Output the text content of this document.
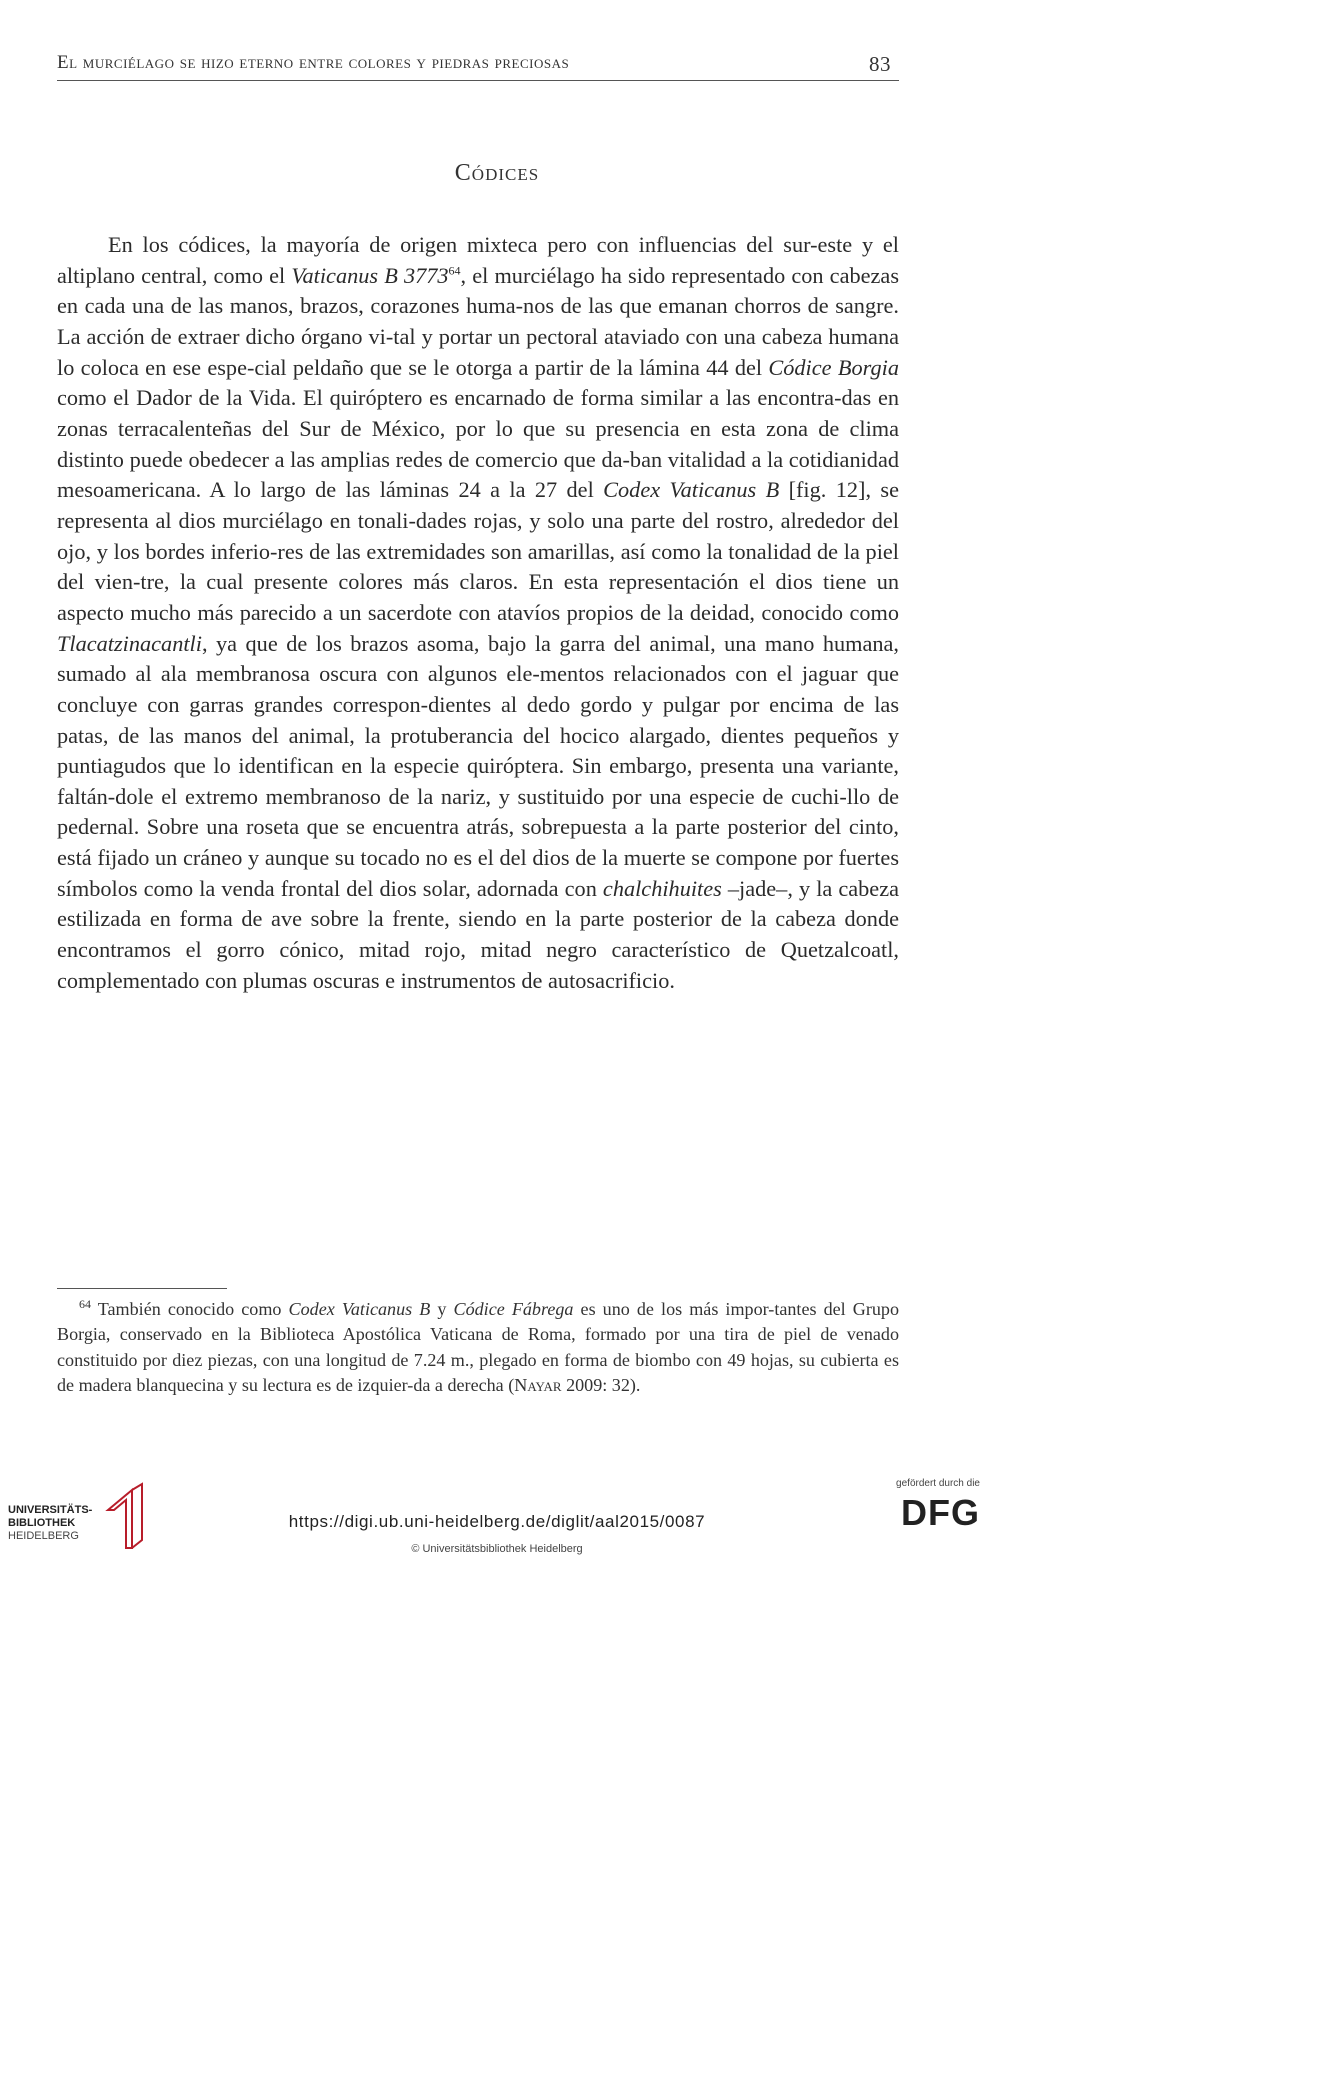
El murciélago se hizo eterno entre colores y piedras preciosas	83
Códices

En los códices, la mayoría de origen mixteca pero con influencias del sur-este y el altiplano central, como el Vaticanus B 3773$^{64}$, el murciélago ha sido representado con cabezas en cada una de las manos, brazos, corazones huma-nos de las que emanan chorros de sangre. La acción de extraer dicho órgano vi-tal y portar un pectoral ataviado con una cabeza humana lo coloca en ese espe-cial peldaño que se le otorga a partir de la lámina 44 del Códice Borgia como el Dador de la Vida. El quiróptero es encarnado de forma similar a las encontra-das en zonas terracalenteñas del Sur de México, por lo que su presencia en esta zona de clima distinto puede obedecer a las amplias redes de comercio que da-ban vitalidad a la cotidianidad mesoamericana. A lo largo de las láminas 24 a la 27 del Codex Vaticanus B [fig. 12], se representa al dios murciélago en tonali-dades rojas, y solo una parte del rostro, alrededor del ojo, y los bordes inferio-res de las extremidades son amarillas, así como la tonalidad de la piel del vien-tre, la cual presente colores más claros. En esta representación el dios tiene un aspecto mucho más parecido a un sacerdote con atavíos propios de la deidad, conocido como Tlacatzinacantli, ya que de los brazos asoma, bajo la garra del animal, una mano humana, sumado al ala membranosa oscura con algunos ele-mentos relacionados con el jaguar que concluye con garras grandes correspon-dientes al dedo gordo y pulgar por encima de las patas, de las manos del animal, la protuberancia del hocico alargado, dientes pequeños y puntiagudos que lo identifican en la especie quiróptera. Sin embargo, presenta una variante, faltán-dole el extremo membranoso de la nariz, y sustituido por una especie de cuchi-llo de pedernal. Sobre una roseta que se encuentra atrás, sobrepuesta a la parte posterior del cinto, está fijado un cráneo y aunque su tocado no es el del dios de la muerte se compone por fuertes símbolos como la venda frontal del dios solar, adornada con chalchihuites –jade–, y la cabeza estilizada en forma de ave sobre la frente, siendo en la parte posterior de la cabeza donde encontramos el gorro cónico, mitad rojo, mitad negro característico de Quetzalcoatl, complementado con plumas oscuras e instrumentos de autosacrificio.

$^{64}$ También conocido como Codex Vaticanus B y Códice Fábrega es uno de los más impor-tantes del Grupo Borgia, conservado en la Biblioteca Apostólica Vaticana de Roma, formado por una tira de piel de venado constituido por diez piezas, con una longitud de 7.24 m., plegado en forma de biombo con 49 hojas, su cubierta es de madera blanquecina y su lectura es de izquier-da a derecha (Nayar 2009: 32).

UNIVERSITÄTS-
BIBLIOTHEK
HEIDELBERG
https://digi.ub.uni-heidelberg.de/diglit/aal2015/0087
© Universitätsbibliothek Heidelberg
gefördert durch die
DFG
